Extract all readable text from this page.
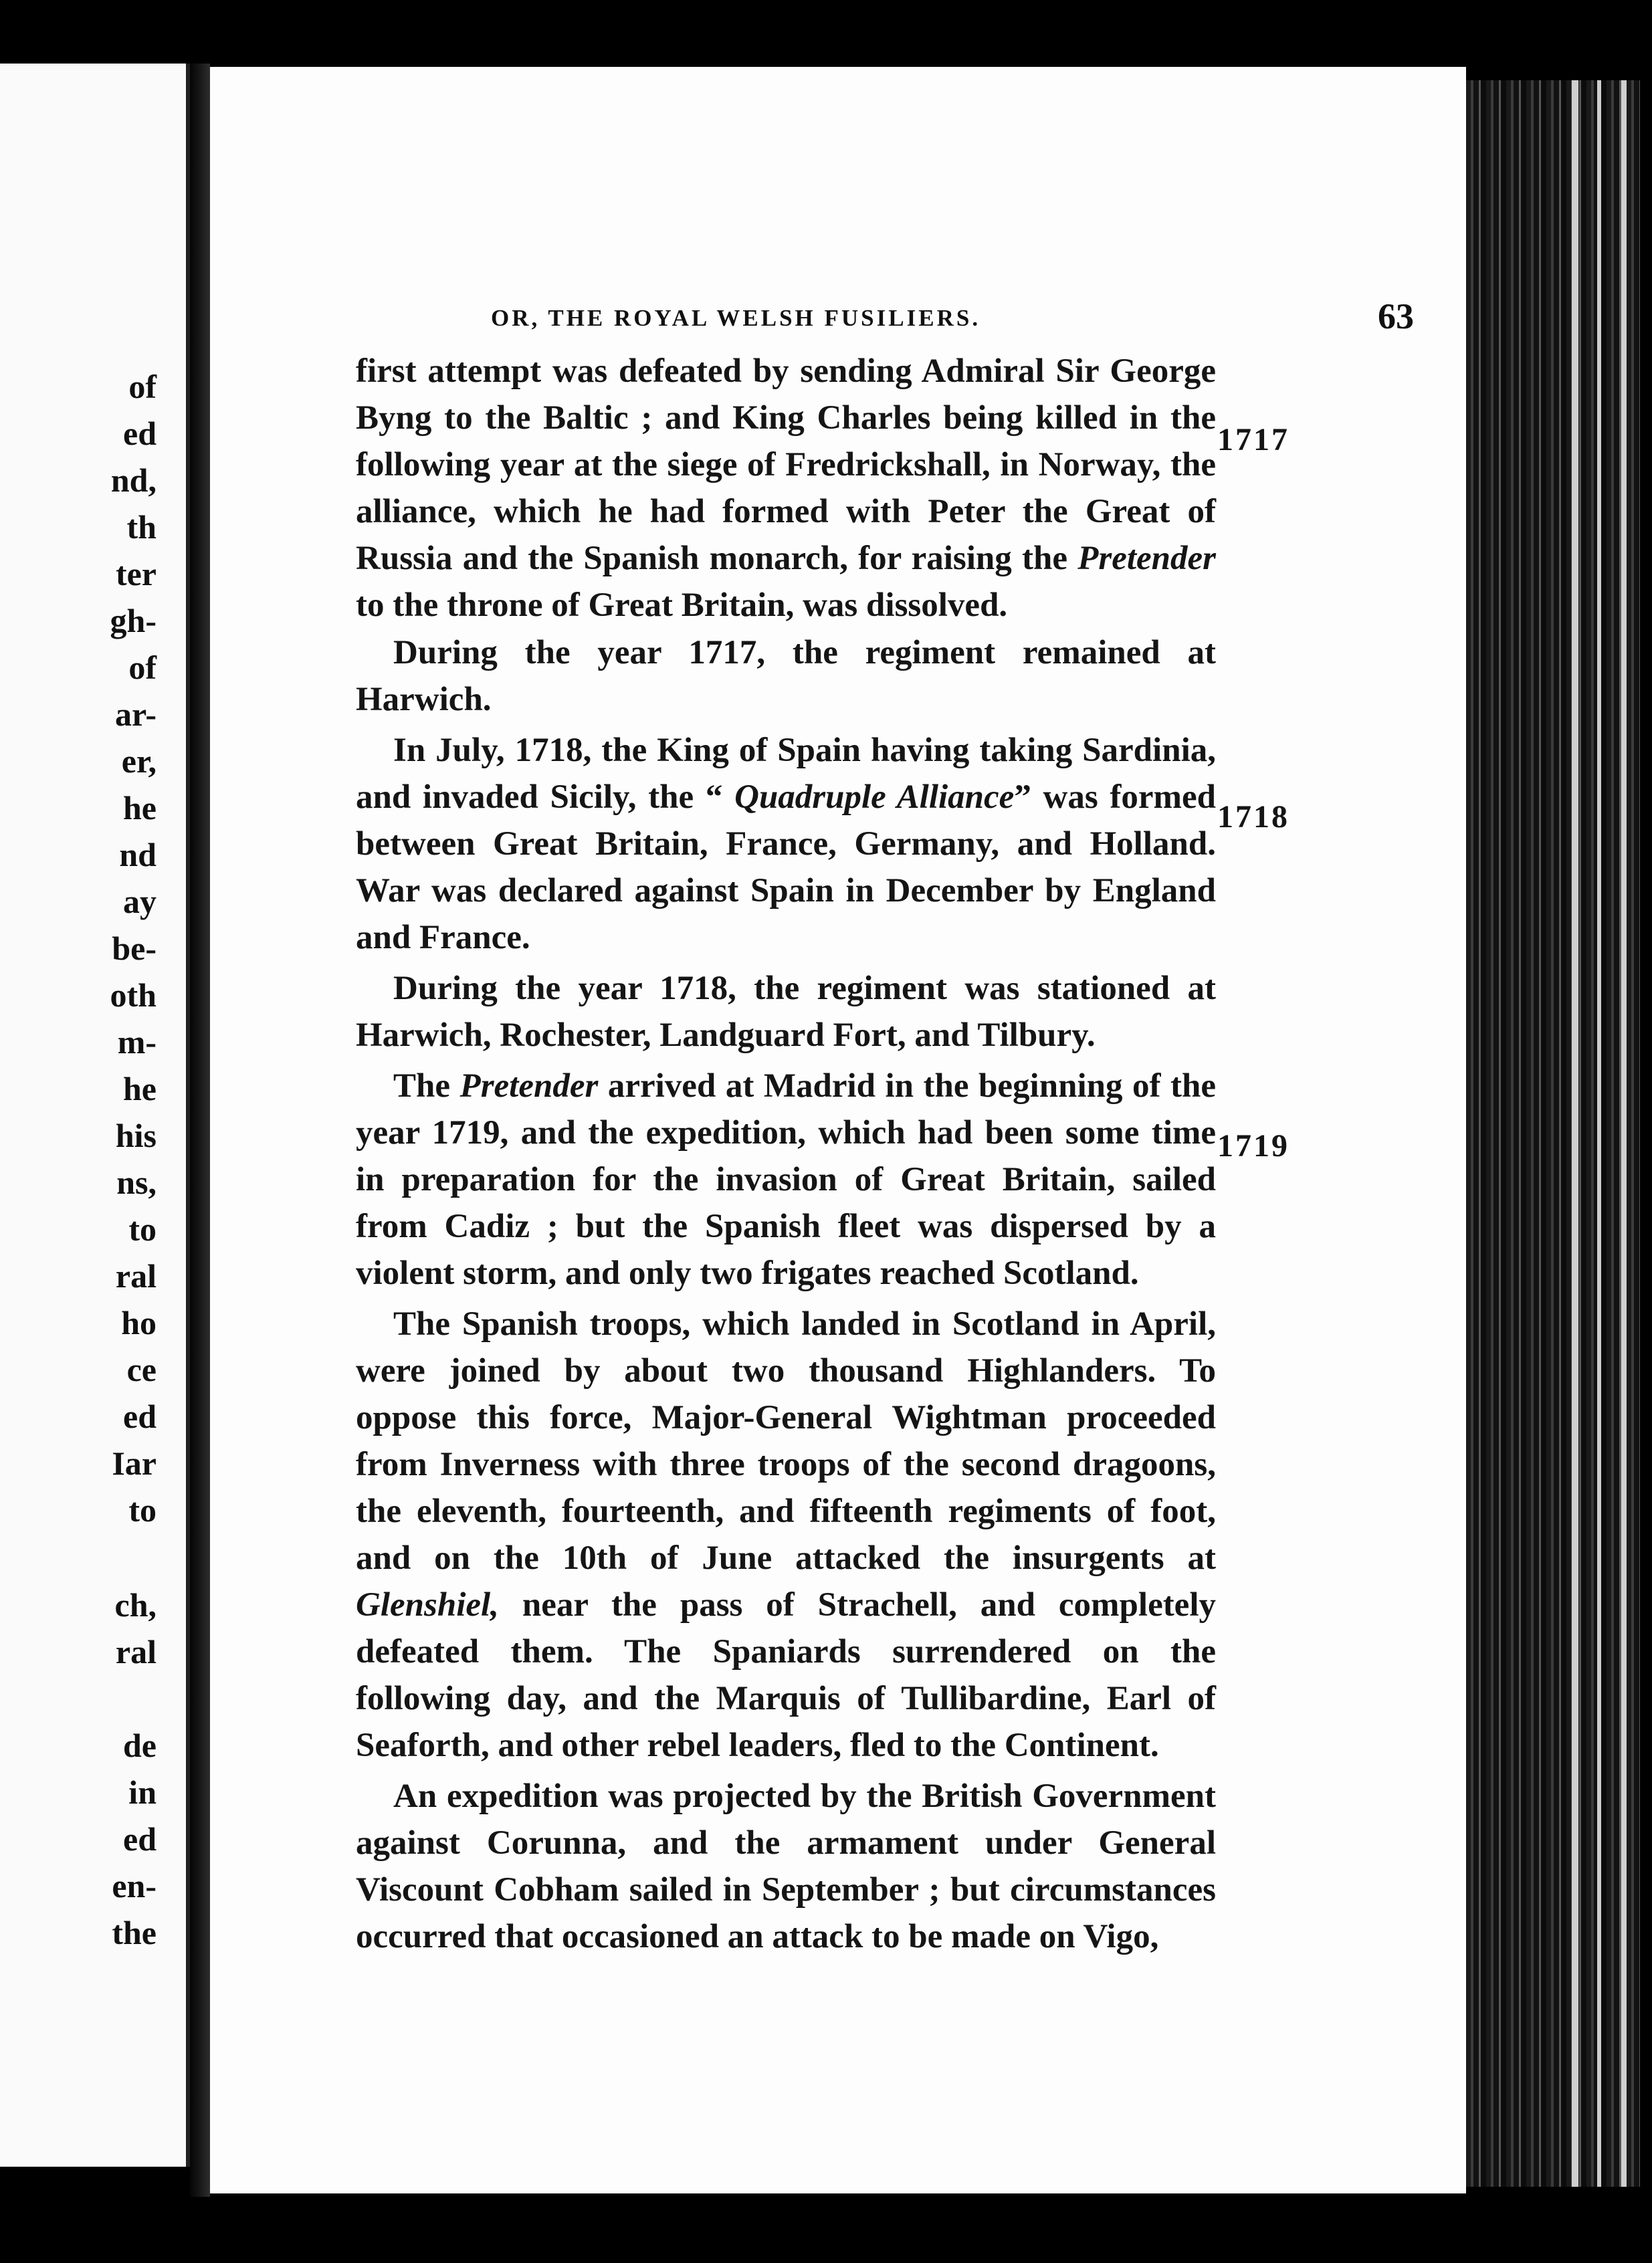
of
ed
nd,
th
ter
gh-
of
ar-
er,
he
nd
ay
be-
oth
m-
he
his
ns,
to
ral
ho
ce
ed
Iar
to
ch,
ral
de
in
ed
en-
the
OR, THE ROYAL WELSH FUSILIERS.	63
1717
1718
1719

first attempt was defeated by sending Admiral Sir George Byng to the Baltic ; and King Charles being killed in the following year at the siege of Fredrickshall, in Norway, the alliance, which he had formed with Peter the Great of Russia and the Spanish monarch, for raising the Pretender to the throne of Great Britain, was dissolved.

During the year 1717, the regiment remained at Harwich.

In July, 1718, the King of Spain having taking Sardinia, and invaded Sicily, the “ Quadruple Alliance” was formed between Great Britain, France, Germany, and Holland. War was declared against Spain in December by England and France.

During the year 1718, the regiment was stationed at Harwich, Rochester, Landguard Fort, and Tilbury.

The Pretender arrived at Madrid in the beginning of the year 1719, and the expedition, which had been some time in preparation for the invasion of Great Britain, sailed from Cadiz ; but the Spanish fleet was dispersed by a violent storm, and only two frigates reached Scotland.

The Spanish troops, which landed in Scotland in April, were joined by about two thousand Highlanders. To oppose this force, Major-General Wightman proceeded from Inverness with three troops of the second dragoons, the eleventh, fourteenth, and fifteenth regiments of foot, and on the 10th of June attacked the insurgents at Glenshiel, near the pass of Strachell, and completely defeated them. The Spaniards surrendered on the following day, and the Marquis of Tullibardine, Earl of Seaforth, and other rebel leaders, fled to the Continent.

An expedition was projected by the British Government against Corunna, and the armament under General Viscount Cobham sailed in September ; but circumstances occurred that occasioned an attack to be made on Vigo,
